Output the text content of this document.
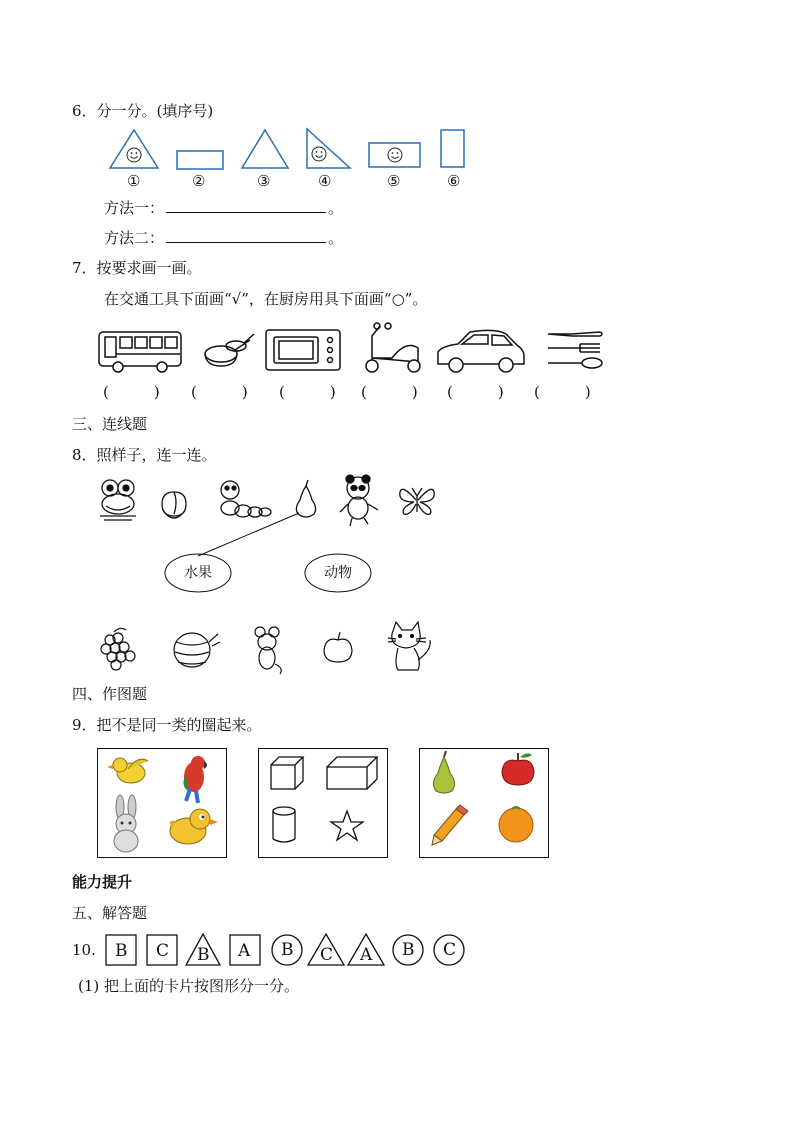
6．分一分。(填序号)
①	②	③	④	⑤	⑥
方法一：	。
方法二：	。
7．按要求画一画。
在交通工具下面画“√”，在厨房用具下面画“○”。
(　　　) (　　　) (　　　) (　　　) (　　　) (　　　)
三、连线题
8．照样子，连一连。
水果	动物
四、作图题
9．把不是同一类的圈起来。
能力提升
五、解答题
10. B C B A B C A B C
(1) 把上面的卡片按图形分一分。
